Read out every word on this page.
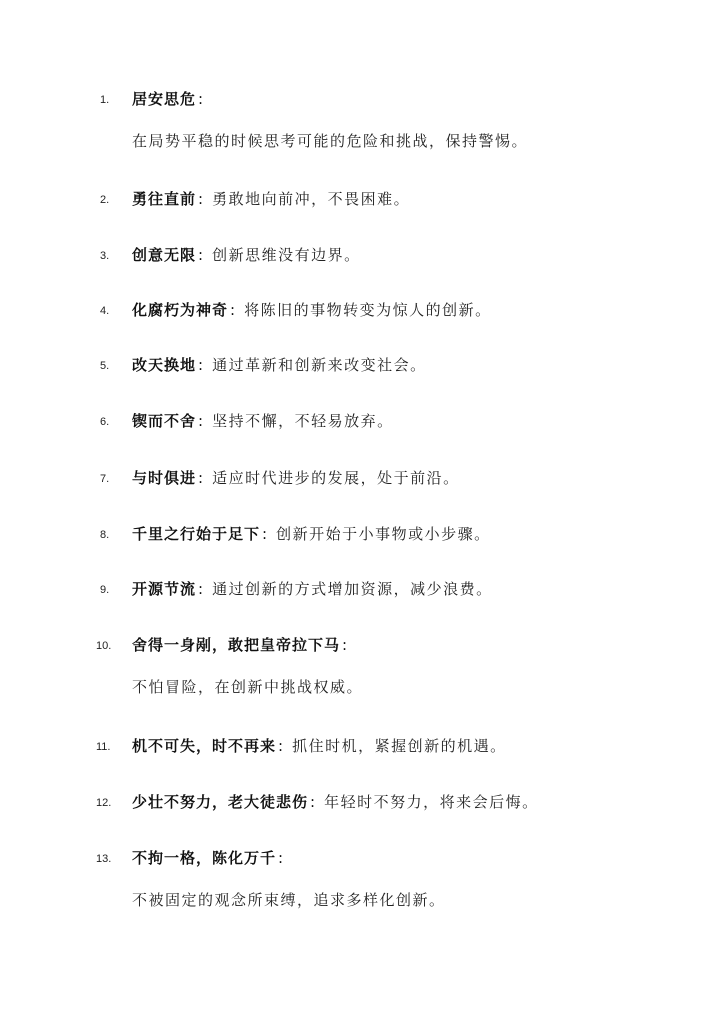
1.	居安思危 :
在局势平稳的时候思考可能的危险和挑战，保持警惕。
2.	勇往直前 : 勇敢地向前冲，不畏困难。
3.	创意无限 : 创新思维没有边界。
4.	化腐朽为神奇 : 将陈旧的事物转变为惊人的创新。
5.	改天换地 : 通过革新和创新来改变社会。
6.	锲而不舍 : 坚持不懈，不轻易放弃。
7.	与时俱进 : 适应时代进步的发展，处于前沿。
8.	千里之行始于足下 : 创新开始于小事物或小步骤。
9.	开源节流 : 通过创新的方式增加资源，减少浪费。
10.	舍得一身剐，敢把皇帝拉下马 :
不怕冒险，在创新中挑战权威。
11.	机不可失，时不再来 : 抓住时机，紧握创新的机遇。
12.	少壮不努力，老大徒悲伤 : 年轻时不努力，将来会后悔。
13.	不拘一格，陈化万千 :
不被固定的观念所束缚，追求多样化创新。
